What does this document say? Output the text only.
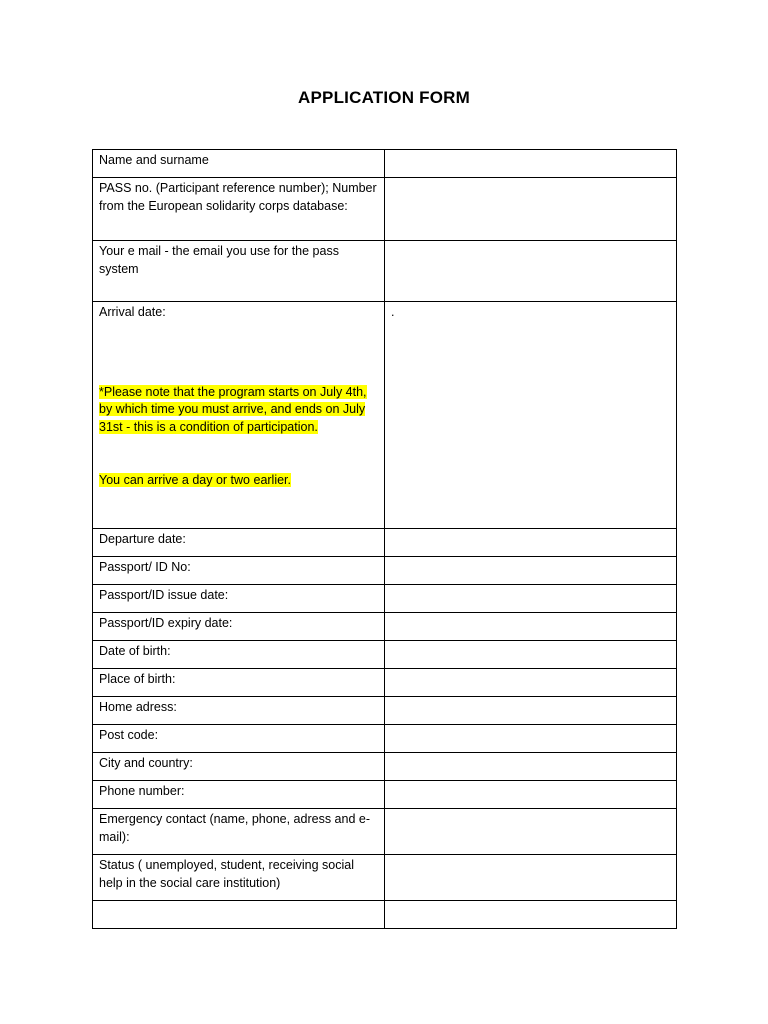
APPLICATION FORM
Name and surname	
PASS no. (Participant reference number); Number from the European solidarity corps database:	
Your e mail - the email you use for the pass system	

Arrival date:
*Please note that the program starts on July 4th, by which time you must arrive, and ends on July 31st - this is a condition of participation.
You can arrive a day or two earlier.	.
Departure date:	
Passport/ ID No:	
Passport/ID issue date:	
Passport/ID expiry date:	
Date of birth:	
Place of birth:	
Home adress:	
Post code:	
City and country:	
Phone number:	
Emergency contact (name, phone, adress and e-mail):	
Status ( unemployed, student, receiving social help in the social care institution)	
